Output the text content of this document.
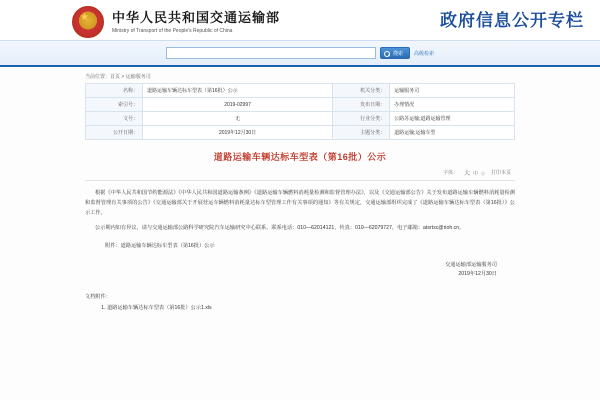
★ 中华人民共和国交通运输部
Ministry of Transport of the People's Republic of China
政府信息公开专栏
搜索	高级检索
当前位置：首页 > 运输服务司
名称：	道路运输车辆达标车型表（第16批）公示	机关分类：	运输服务司
索引号：	2019-02997	发布日期：	办理情况
文号：	无	行业分类：	公路苏运输;道路运输管理
公开日期：	2019年12月30日	主题分类：	道路运输;运输车型
道路运输车辆达标车型表（第16批）公示
字体： 大 中 小 打印本页
根据《中华人民共和国节约能源法》《中华人民共和国道路运输条例》《道路运输车辆燃料消耗量检测和监督管理办法》，以及《交通运输部公告》关于发布道路运输车辆燃料消耗量检测和监督管理有关事项的公告》《交通运输部关于开展营运车辆燃料消耗量达标车型管理工作有关事项的通知》等有关规定，交通运输部组织完成了《道路运输车辆达标车型表（第16批）》公示工作。
公示期内如有异议，请与交通运输部公路科学研究院汽车运输研究中心联系，联系电话：010—62014121，传真：010—62079727，电子邮箱：atsrtsc@rioh.cn。
附件：道路运输车辆达标车型表（第16批）公示
交通运输部运输服务司
2019年12月30日
文档附件：
1. 道路运输车辆达标车型表（第16批）公示1.xls
